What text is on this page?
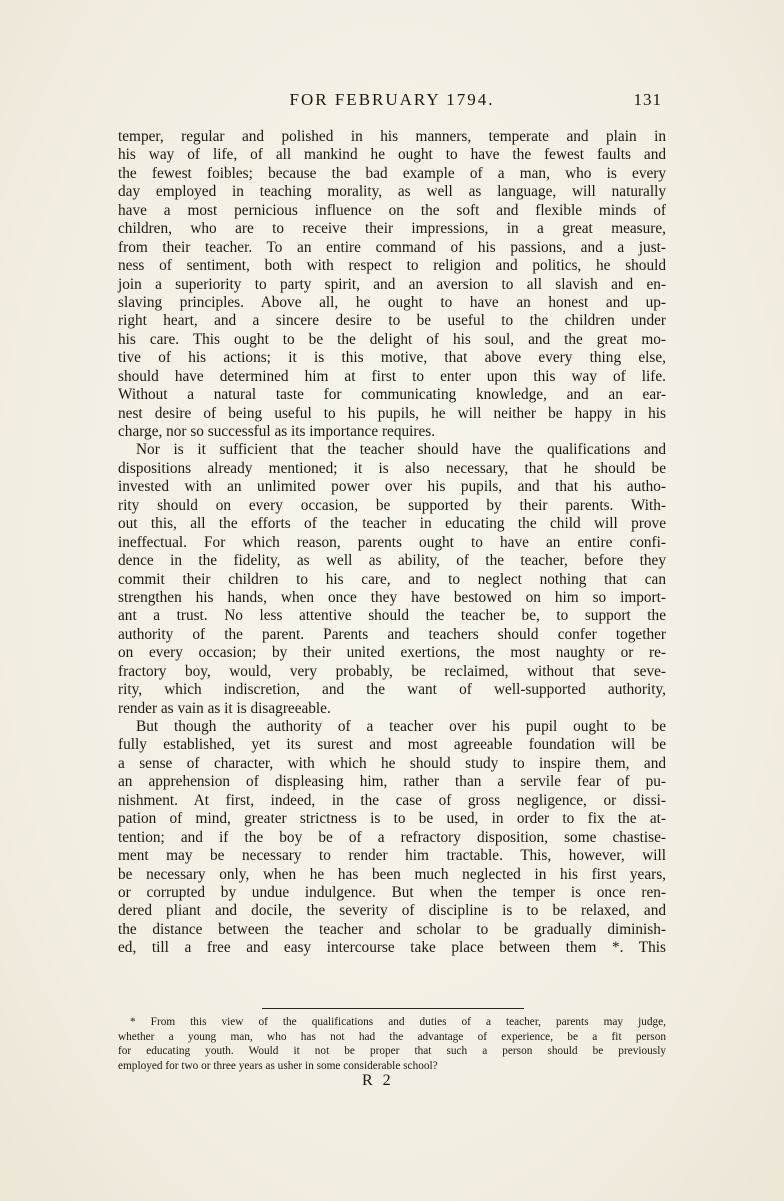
FOR FEBRUARY 1794.	131
temper, regular and polished in his manners, temperate and plain in
his way of life, of all mankind he ought to have the fewest faults and
the fewest foibles; because the bad example of a man, who is every
day employed in teaching morality, as well as language, will naturally
have a most pernicious influence on the soft and flexible minds of
children, who are to receive their impressions, in a great measure,
from their teacher. To an entire command of his passions, and a just-
ness of sentiment, both with respect to religion and politics, he should
join a superiority to party spirit, and an aversion to all slavish and en-
slaving principles. Above all, he ought to have an honest and up-
right heart, and a sincere desire to be useful to the children under
his care. This ought to be the delight of his soul, and the great mo-
tive of his actions; it is this motive, that above every thing else,
should have determined him at first to enter upon this way of life.
Without a natural taste for communicating knowledge, and an ear-
nest desire of being useful to his pupils, he will neither be happy in his
charge, nor so successful as its importance requires.
Nor is it sufficient that the teacher should have the qualifications and
dispositions already mentioned; it is also necessary, that he should be
invested with an unlimited power over his pupils, and that his autho-
rity should on every occasion, be supported by their parents. With-
out this, all the efforts of the teacher in educating the child will prove
ineffectual. For which reason, parents ought to have an entire confi-
dence in the fidelity, as well as ability, of the teacher, before they
commit their children to his care, and to neglect nothing that can
strengthen his hands, when once they have bestowed on him so import-
ant a trust. No less attentive should the teacher be, to support the
authority of the parent. Parents and teachers should confer together
on every occasion; by their united exertions, the most naughty or re-
fractory boy, would, very probably, be reclaimed, without that seve-
rity, which indiscretion, and the want of well-supported authority,
render as vain as it is disagreeable.
But though the authority of a teacher over his pupil ought to be
fully established, yet its surest and most agreeable foundation will be
a sense of character, with which he should study to inspire them, and
an apprehension of displeasing him, rather than a servile fear of pu-
nishment. At first, indeed, in the case of gross negligence, or dissi-
pation of mind, greater strictness is to be used, in order to fix the at-
tention; and if the boy be of a refractory disposition, some chastise-
ment may be necessary to render him tractable. This, however, will
be necessary only, when he has been much neglected in his first years,
or corrupted by undue indulgence. But when the temper is once ren-
dered pliant and docile, the severity of discipline is to be relaxed, and
the distance between the teacher and scholar to be gradually diminish-
ed, till a free and easy intercourse take place between them *. This
* From this view of the qualifications and duties of a teacher, parents may judge,
whether a young man, who has not had the advantage of experience, be a fit person
for educating youth. Would it not be proper that such a person should be previously
employed for two or three years as usher in some considerable school?
R 2
